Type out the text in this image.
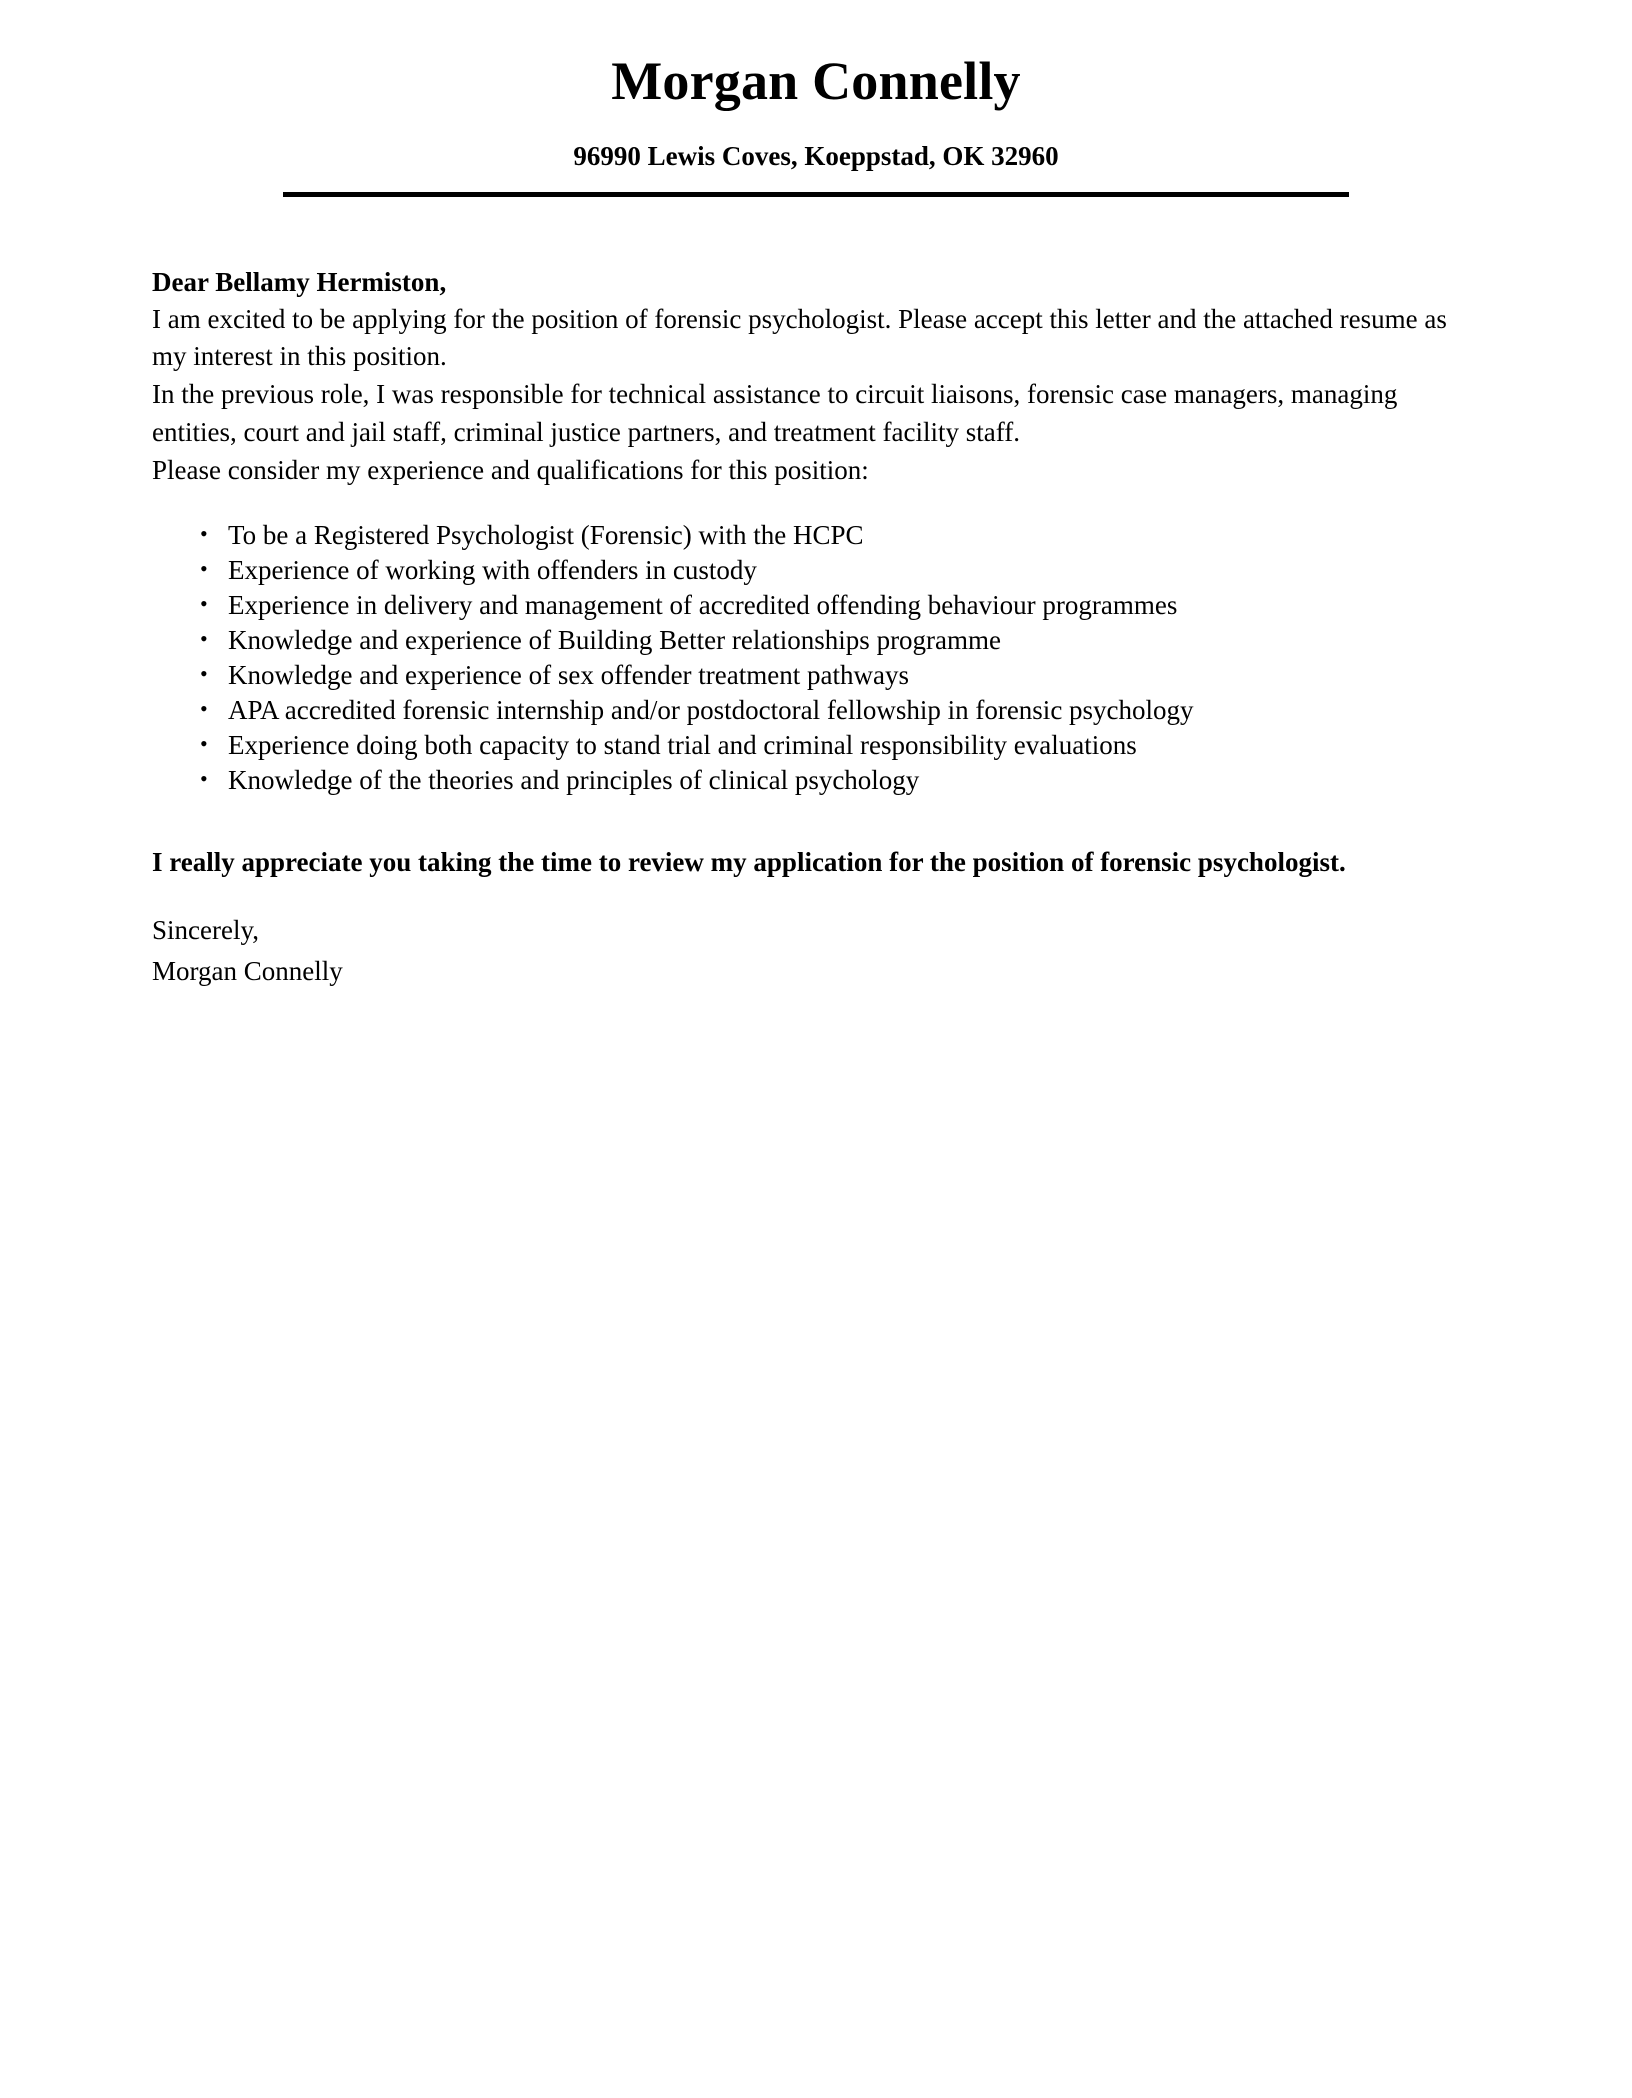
Morgan Connelly
96990 Lewis Coves, Koeppstad, OK 32960

Dear Bellamy Hermiston,

I am excited to be applying for the position of forensic psychologist. Please accept this letter and the attached resume as my interest in this position.

In the previous role, I was responsible for technical assistance to circuit liaisons, forensic case managers, managing entities, court and jail staff, criminal justice partners, and treatment facility staff.

Please consider my experience and qualifications for this position:

• To be a Registered Psychologist (Forensic) with the HCPC
• Experience of working with offenders in custody
• Experience in delivery and management of accredited offending behaviour programmes
• Knowledge and experience of Building Better relationships programme
• Knowledge and experience of sex offender treatment pathways
• APA accredited forensic internship and/or postdoctoral fellowship in forensic psychology
• Experience doing both capacity to stand trial and criminal responsibility evaluations
• Knowledge of the theories and principles of clinical psychology

I really appreciate you taking the time to review my application for the position of forensic psychologist.

Sincerely,
Morgan Connelly
